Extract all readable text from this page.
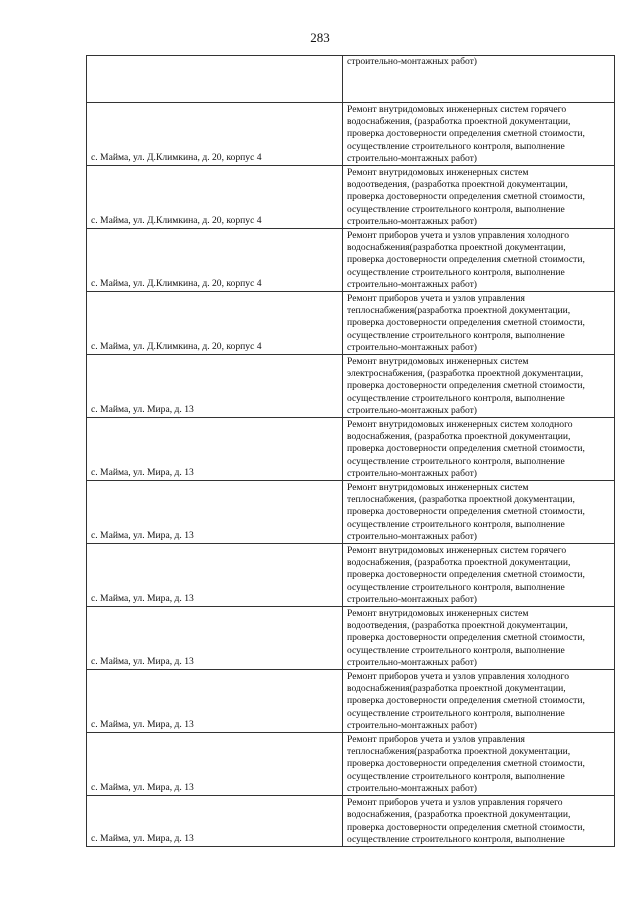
283

	строительно-монтажных работ)

с. Майма, ул. Д.Климкина, д. 20, корпус 4	Ремонт внутридомовых инженерных систем горячего
водоснабжения, (разработка проектной документации,
проверка достоверности определения сметной стоимости,
осуществление строительного контроля, выполнение
строительно-монтажных работ)

с. Майма, ул. Д.Климкина, д. 20, корпус 4	Ремонт внутридомовых инженерных систем
водоотведения, (разработка проектной документации,
проверка достоверности определения сметной стоимости,
осуществление строительного контроля, выполнение
строительно-монтажных работ)

с. Майма, ул. Д.Климкина, д. 20, корпус 4	Ремонт приборов учета и узлов управления холодного
водоснабжения(разработка проектной документации,
проверка достоверности определения сметной стоимости,
осуществление строительного контроля, выполнение
строительно-монтажных работ)

с. Майма, ул. Д.Климкина, д. 20, корпус 4	Ремонт приборов учета и узлов управления
теплоснабжения(разработка проектной документации,
проверка достоверности определения сметной стоимости,
осуществление строительного контроля, выполнение
строительно-монтажных работ)

с. Майма, ул. Мира, д. 13	Ремонт внутридомовых инженерных систем
электроснабжения, (разработка проектной документации,
проверка достоверности определения сметной стоимости,
осуществление строительного контроля, выполнение
строительно-монтажных работ)

с. Майма, ул. Мира, д. 13	Ремонт внутридомовых инженерных систем холодного
водоснабжения, (разработка проектной документации,
проверка достоверности определения сметной стоимости,
осуществление строительного контроля, выполнение
строительно-монтажных работ)

с. Майма, ул. Мира, д. 13	Ремонт внутридомовых инженерных систем
теплоснабжения, (разработка проектной документации,
проверка достоверности определения сметной стоимости,
осуществление строительного контроля, выполнение
строительно-монтажных работ)

с. Майма, ул. Мира, д. 13	Ремонт внутридомовых инженерных систем горячего
водоснабжения, (разработка проектной документации,
проверка достоверности определения сметной стоимости,
осуществление строительного контроля, выполнение
строительно-монтажных работ)

с. Майма, ул. Мира, д. 13	Ремонт внутридомовых инженерных систем
водоотведения, (разработка проектной документации,
проверка достоверности определения сметной стоимости,
осуществление строительного контроля, выполнение
строительно-монтажных работ)

с. Майма, ул. Мира, д. 13	Ремонт приборов учета и узлов управления холодного
водоснабжения(разработка проектной документации,
проверка достоверности определения сметной стоимости,
осуществление строительного контроля, выполнение
строительно-монтажных работ)

с. Майма, ул. Мира, д. 13	Ремонт приборов учета и узлов управления
теплоснабжения(разработка проектной документации,
проверка достоверности определения сметной стоимости,
осуществление строительного контроля, выполнение
строительно-монтажных работ)

с. Майма, ул. Мира, д. 13	Ремонт приборов учета и узлов управления горячего
водоснабжения, (разработка проектной документации,
проверка достоверности определения сметной стоимости,
осуществление строительного контроля, выполнение
